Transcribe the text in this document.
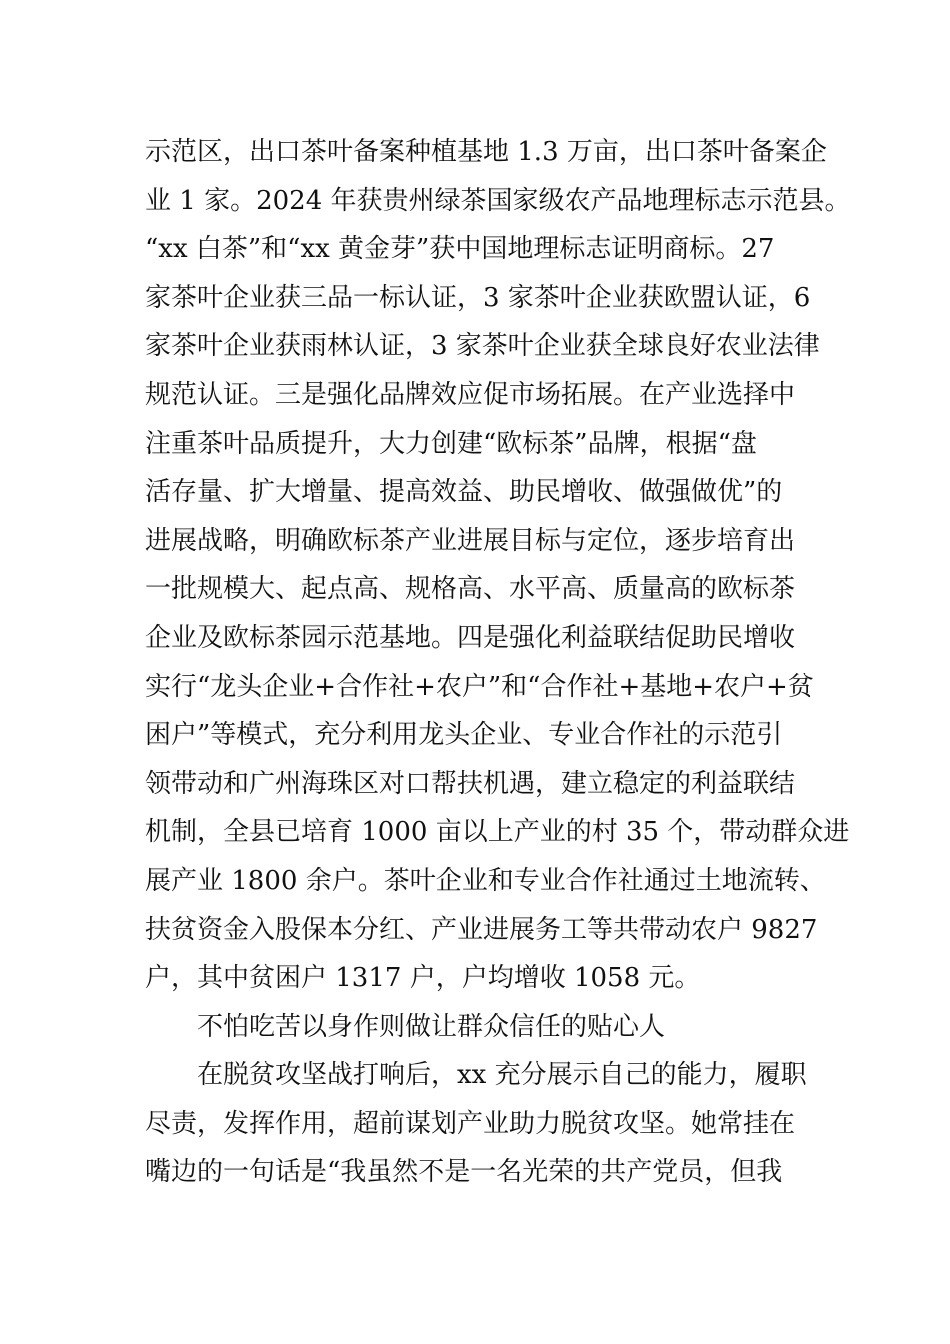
示范区，出口茶叶备案种植基地 1.3 万亩，出口茶叶备案企
业 1 家。2024 年获贵州绿茶国家级农产品地理标志示范县。
“xx 白茶”和“xx 黄金芽”获中国地理标志证明商标。27
家茶叶企业获三品一标认证，3 家茶叶企业获欧盟认证，6
家茶叶企业获雨林认证，3 家茶叶企业获全球良好农业法律
规范认证。三是强化品牌效应促市场拓展。在产业选择中
注重茶叶品质提升，大力创建“欧标茶”品牌，根据“盘
活存量、扩大增量、提高效益、助民增收、做强做优”的
进展战略，明确欧标茶产业进展目标与定位，逐步培育出
一批规模大、起点高、规格高、水平高、质量高的欧标茶
企业及欧标茶园示范基地。四是强化利益联结促助民增收
实行“龙头企业+合作社+农户”和“合作社+基地+农户+贫
困户”等模式，充分利用龙头企业、专业合作社的示范引
领带动和广州海珠区对口帮扶机遇，建立稳定的利益联结
机制，全县已培育 1000 亩以上产业的村 35 个，带动群众进
展产业 1800 余户。茶叶企业和专业合作社通过土地流转、
扶贫资金入股保本分红、产业进展务工等共带动农户 9827
户，其中贫困户 1317 户，户均增收 1058 元。
不怕吃苦以身作则做让群众信任的贴心人
在脱贫攻坚战打响后，xx 充分展示自己的能力，履职
尽责，发挥作用，超前谋划产业助力脱贫攻坚。她常挂在
嘴边的一句话是“我虽然不是一名光荣的共产党员，但我
